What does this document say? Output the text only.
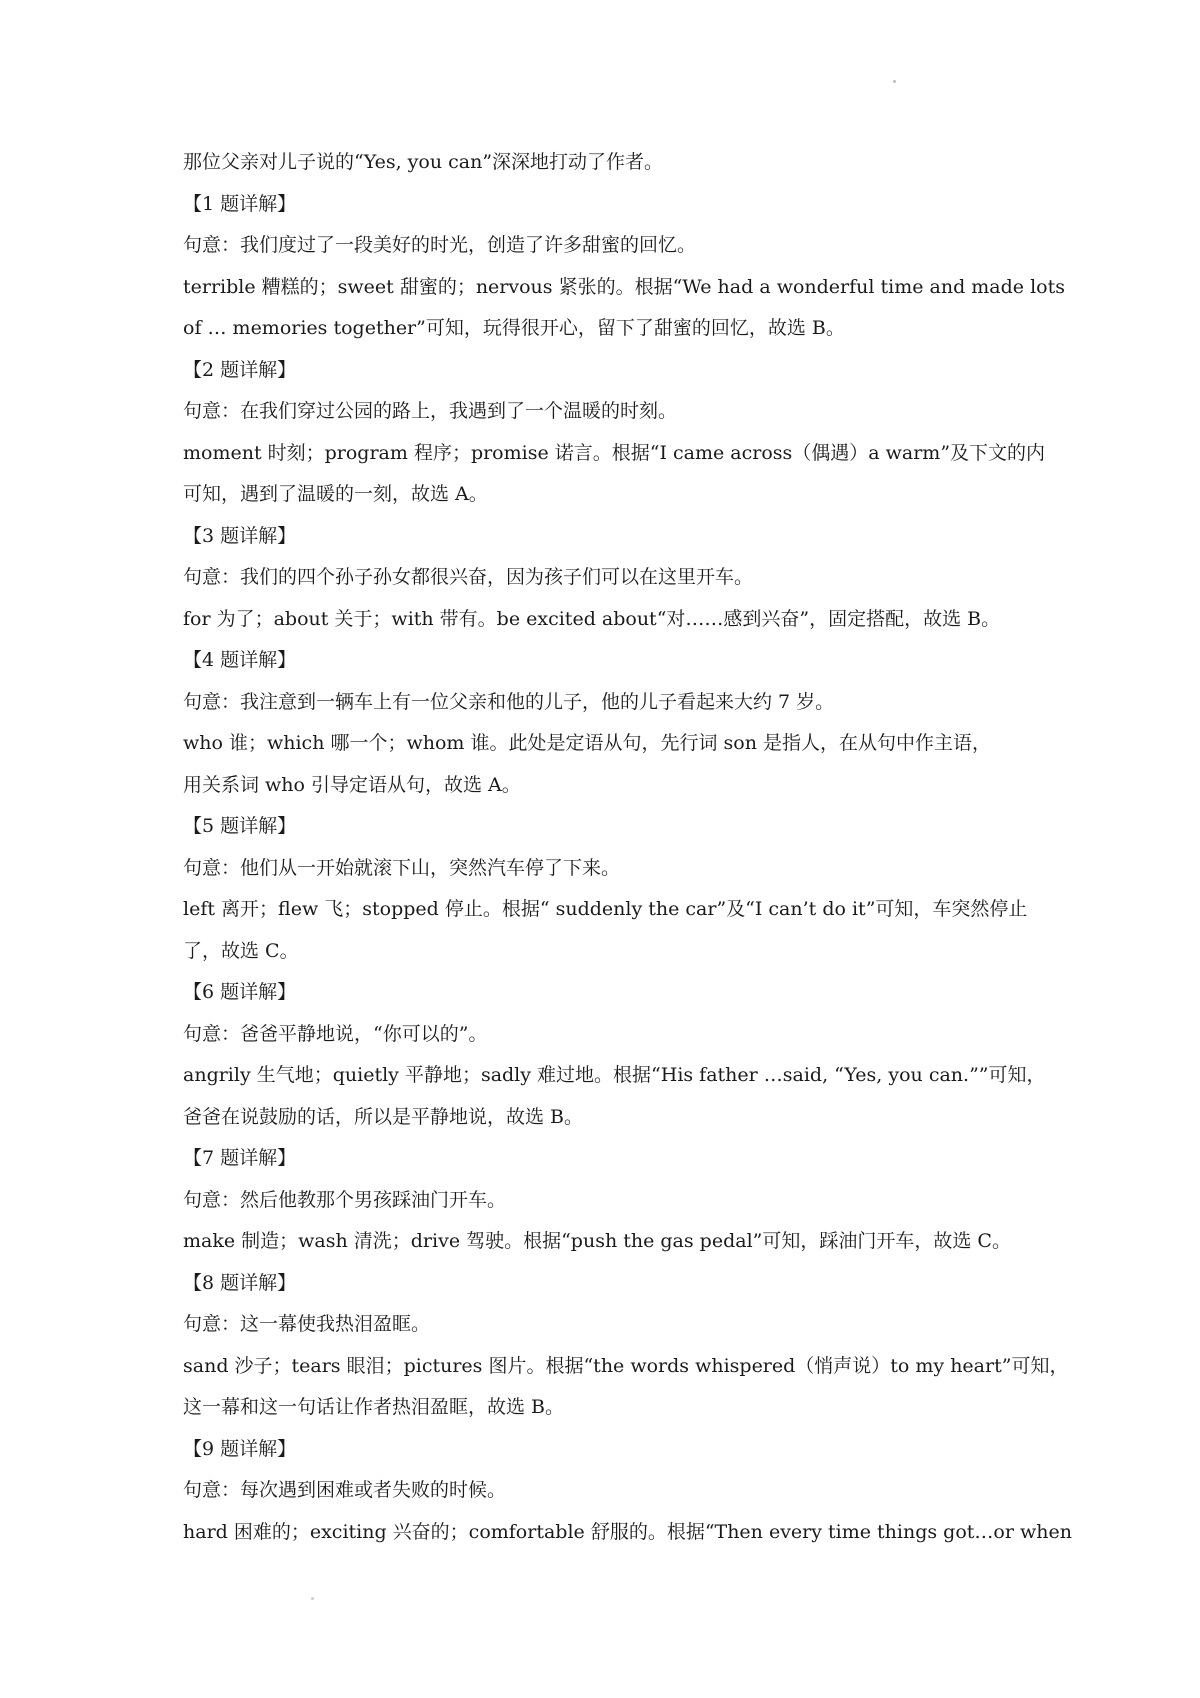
那位父亲对儿子说的“Yes, you can”深深地打动了作者。
【1 题详解】
句意：我们度过了一段美好的时光，创造了许多甜蜜的回忆。
terrible 糟糕的；sweet 甜蜜的；nervous 紧张的。根据“We had a wonderful time and made lots
of … memories together”可知，玩得很开心，留下了甜蜜的回忆，故选 B。
【2 题详解】
句意：在我们穿过公园的路上，我遇到了一个温暖的时刻。
moment 时刻；program 程序；promise 诺言。根据“I came across（偶遇）a warm”及下文的内
可知，遇到了温暖的一刻，故选 A。
【3 题详解】
句意：我们的四个孙子孙女都很兴奋，因为孩子们可以在这里开车。
for 为了；about 关于；with 带有。be excited about“对……感到兴奋”，固定搭配，故选 B。
【4 题详解】
句意：我注意到一辆车上有一位父亲和他的儿子，他的儿子看起来大约 7 岁。
who 谁；which 哪一个；whom 谁。此处是定语从句，先行词 son 是指人，在从句中作主语，
用关系词 who 引导定语从句，故选 A。
【5 题详解】
句意：他们从一开始就滚下山，突然汽车停了下来。
left 离开；flew 飞；stopped 停止。根据“ suddenly the car”及“I can’t do it”可知，车突然停止
了，故选 C。
【6 题详解】
句意：爸爸平静地说，“你可以的”。
angrily 生气地；quietly 平静地；sadly 难过地。根据“His father …said, “Yes, you can.””可知，
爸爸在说鼓励的话，所以是平静地说，故选 B。
【7 题详解】
句意：然后他教那个男孩踩油门开车。
make 制造；wash 清洗；drive 驾驶。根据“push the gas pedal”可知，踩油门开车，故选 C。
【8 题详解】
句意：这一幕使我热泪盈眶。
sand 沙子；tears 眼泪；pictures 图片。根据“the words whispered（悄声说）to my heart”可知，
这一幕和这一句话让作者热泪盈眶，故选 B。
【9 题详解】
句意：每次遇到困难或者失败的时候。
hard 困难的；exciting 兴奋的；comfortable 舒服的。根据“Then every time things got…or when
